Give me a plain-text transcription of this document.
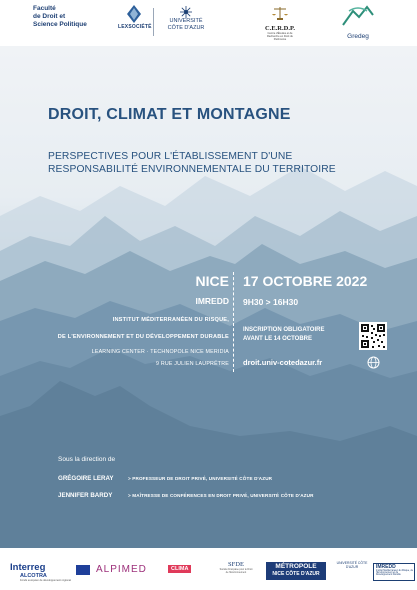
Faculté
de Droit et
Science Politique	LEXSOCIÉTÉ
UNIVERSITÉ
CÔTE D'AZUR	C.E.R.D.P.
Centre d'Études et de Recherche en Droit du Patrimoine	Gredeg
DROIT, CLIMAT ET MONTAGNE
PERSPECTIVES POUR L'ÉTABLISSEMENT D'UNE
RESPONSABILITÉ ENVIRONNEMENTALE DU TERRITOIRE
NICE
IMREDD
INSTITUT MÉDITERRANÉEN DU RISQUE,
DE L'ENVIRONNEMENT ET DU DÉVELOPPEMENT DURABLE
LEARNING CENTER · TECHNOPOLE NICE MERIDIA
9 RUE JULIEN LAUPRÊTRE
17 OCTOBRE 2022
9H30 > 16H30
INSCRIPTION OBLIGATOIRE
AVANT LE 14 OCTOBRE
droit.univ-cotedazur.fr
Sous la direction de
GRÉGOIRE LERAY	> PROFESSEUR DE DROIT PRIVÉ, UNIVERSITÉ CÔTE D'AZUR
JENNIFER BARDY	> MAÎTRESSE DE CONFÉRENCES EN DROIT PRIVÉ, UNIVERSITÉ CÔTE D'AZUR
Interreg
ALCOTRA
Fonds européen de développement régional
ALPIMED	CLIMA
SFDE
Société Française pour le Droit de l'Environnement
MÉTROPOLE
NICE CÔTE D'AZUR
UNIVERSITÉ CÔTE D'AZUR	IMREDD
Institut Méditerranéen du Risque, de l'Environnement et du Développement Durable
